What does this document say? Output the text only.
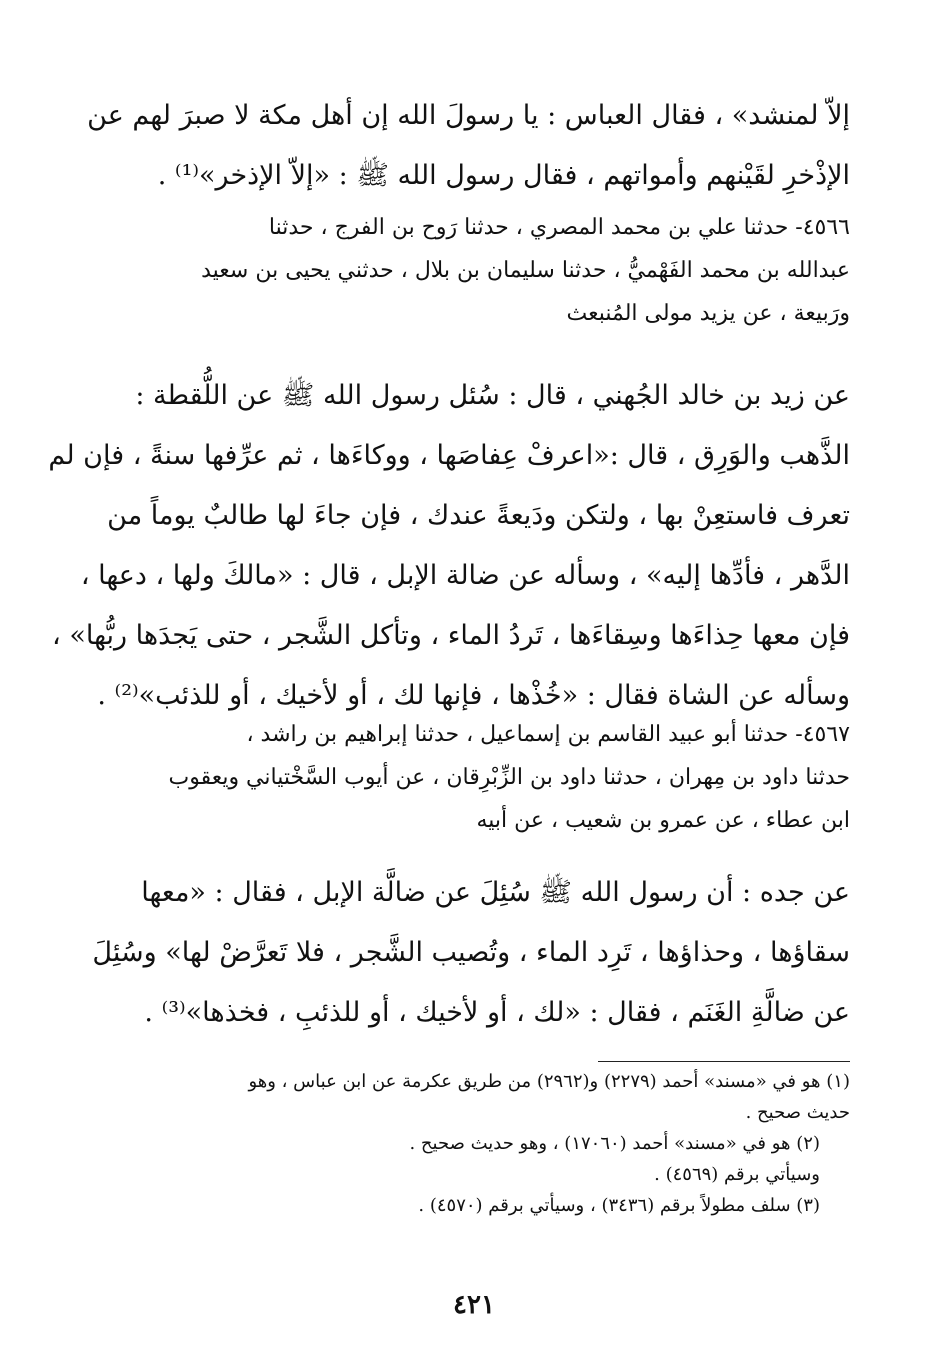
إلاّ لمنشد» ، فقال العباس : يا رسولَ الله إن أهل مكة لا صبرَ لهم عن
الإذْخرِ لقَيْنهم وأمواتهم ، فقال رسول الله ﷺ : «إلاّ الإذخر»⁽¹⁾ .
٤٥٦٦- حدثنا علي بن محمد المصري ، حدثنا رَوح بن الفرج ، حدثنا
عبدالله بن محمد الفَهْميُّ ، حدثنا سليمان بن بلال ، حدثني يحيى بن سعيد
ورَبيعة ، عن يزيد مولى المُنبعث
عن زيد بن خالد الجُهني ، قال : سُئل رسول الله ﷺ عن اللُّقطة :
الذَّهب والوَرِق ، قال :«اعرفْ عِفاصَها ، ووكاءَها ، ثم عرِّفها سنةً ، فإن لم
تعرف فاستعِنْ بها ، ولتكن ودَيعةً عندك ، فإن جاءَ لها طالبٌ يوماً من
الدَّهر ، فأدِّها إليه» ، وسأله عن ضالة الإبل ، قال : «مالكَ ولها ، دعها ،
فإن معها حِذاءَها وسِقاءَها ، تَردُ الماء ، وتأكل الشَّجر ، حتى يَجدَها ربُّها» ،
وسأله عن الشاة فقال : «خُذْها ، فإنها لك ، أو لأخيك ، أو للذئب»⁽²⁾ .
٤٥٦٧- حدثنا أبو عبيد القاسم بن إسماعيل ، حدثنا إبراهيم بن راشد ،
حدثنا داود بن مِهران ، حدثنا داود بن الزِّبْرِقان ، عن أيوب السَّخْتياني ويعقوب
ابن عطاء ، عن عمرو بن شعيب ، عن أبيه
عن جده : أن رسول الله ﷺ سُئِلَ عن ضالَّة الإبل ، فقال : «معها
سقاؤها ، وحذاؤها ، تَرِد الماء ، وتُصيب الشَّجر ، فلا تَعرَّضْ لها» وسُئِلَ
عن ضالَّةِ الغَنَم ، فقال : «لك ، أو لأخيك ، أو للذئبِ ، فخذها»⁽³⁾ .
(١) هو في «مسند» أحمد (٢٢٧٩) و(٢٩٦٢) من طريق عكرمة عن ابن عباس ، وهو
حديث صحيح .
(٢) هو في «مسند» أحمد (١٧٠٦٠) ، وهو حديث صحيح .
وسيأتي برقم (٤٥٦٩) .
(٣) سلف مطولاً برقم (٣٤٣٦) ، وسيأتي برقم (٤٥٧٠) .
٤٢١
